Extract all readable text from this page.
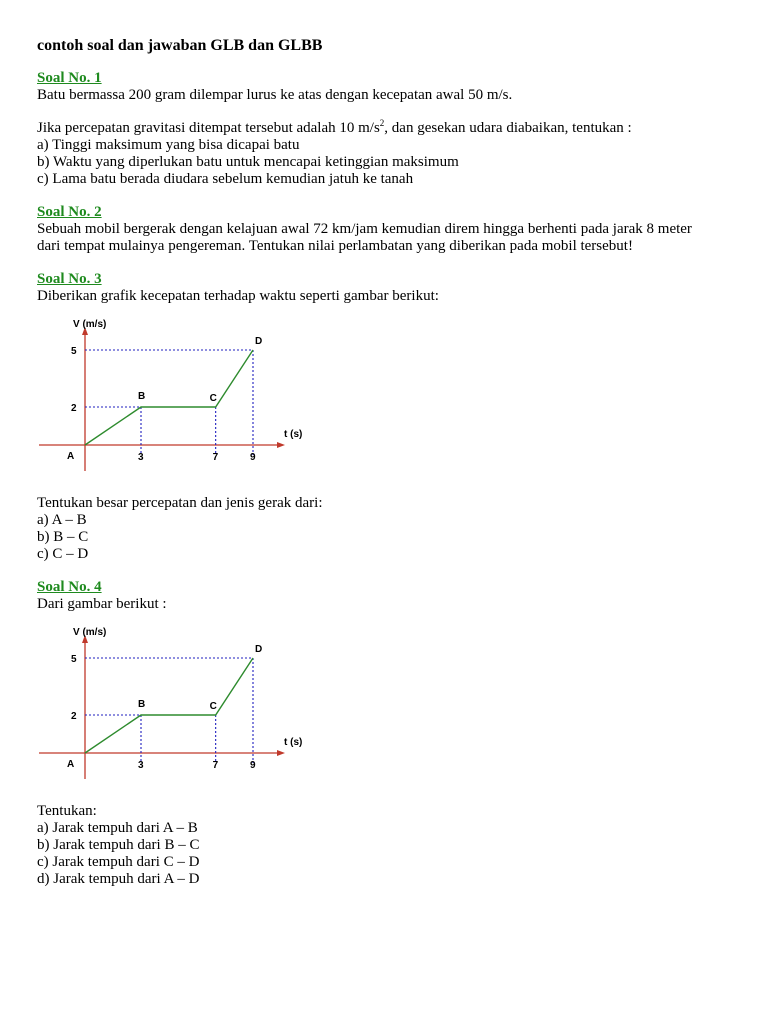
contoh soal dan jawaban GLB dan GLBB

Soal No. 1

Batu bermassa 200 gram dilempar lurus ke atas dengan kecepatan awal 50 m/s.

Jika percepatan gravitasi ditempat tersebut adalah 10 $m/s^2$, dan gesekan udara diabaikan, tentukan :

a) Tinggi maksimum yang bisa dicapai batu

b) Waktu yang diperlukan batu untuk mencapai ketinggian maksimum

c) Lama batu berada diudara sebelum kemudian jatuh ke tanah

Soal No. 2

Sebuah mobil bergerak dengan kelajuan awal 72 km/jam kemudian direm hingga berhenti pada jarak 8 meter

dari tempat mulainya pengereman. Tentukan nilai perlambatan yang diberikan pada mobil tersebut!

Soal No. 3

Diberikan grafik kecepatan terhadap waktu seperti gambar berikut:

V (m/s)
t (s)
A
B	C
D
3	7	9
2
5

Tentukan besar percepatan dan jenis gerak dari:

a) A – B

b) B – C

c) C – D

Soal No. 4

Dari gambar berikut :

V (m/s)
t (s)
A
B	C
D
3	7	9
2
5

Tentukan:

a) Jarak tempuh dari A – B

b) Jarak tempuh dari B – C

c) Jarak tempuh dari C – D

d) Jarak tempuh dari A – D
